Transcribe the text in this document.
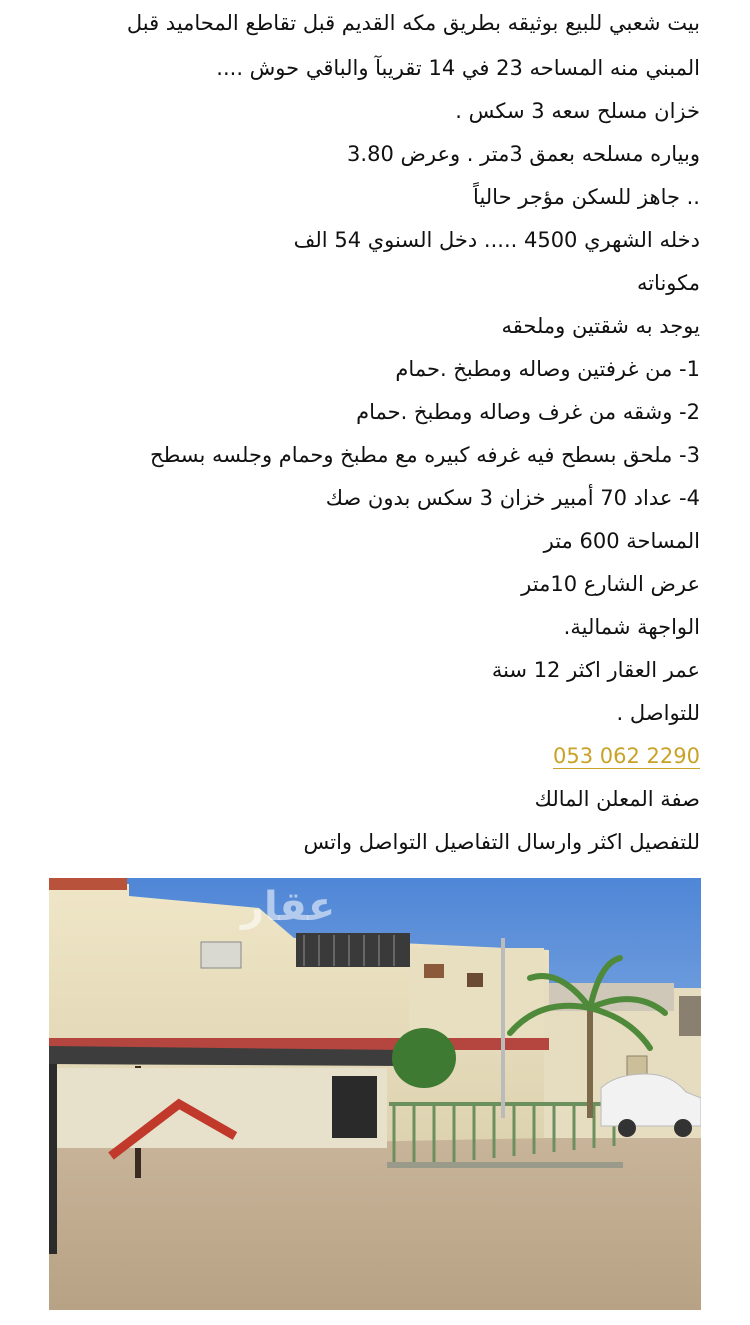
بيت شعبي للبيع بوثيقه بطريق مكه القديم قبل تقاطع المحاميد قبل
المبني منه المساحه 23 في 14 تقريبآ والباقي حوش ....
خزان مسلح سعه 3 سكس .
وبياره مسلحه بعمق 3متر . وعرض 3.80
.. جاهز للسكن مؤجر حالياً
دخله الشهري 4500 ..... دخل السنوي 54 الف
مكوناته
يوجد به شقتين وملحقه
1- من غرفتين وصاله ومطبخ .حمام
2- وشقه من غرف وصاله ومطبخ .حمام
3- ملحق بسطح فيه غرفه كبيره مع مطبخ وحمام وجلسه بسطح
4- عداد 70 أمبير خزان 3 سكس بدون صك
المساحة 600 متر
عرض الشارع 10متر
الواجهة شمالية.
عمر العقار اكثر 12 سنة
للتواصل .
053 062 2290
صفة المعلن المالك
للتفصيل اكثر وارسال التفاصيل التواصل واتس
عقار
